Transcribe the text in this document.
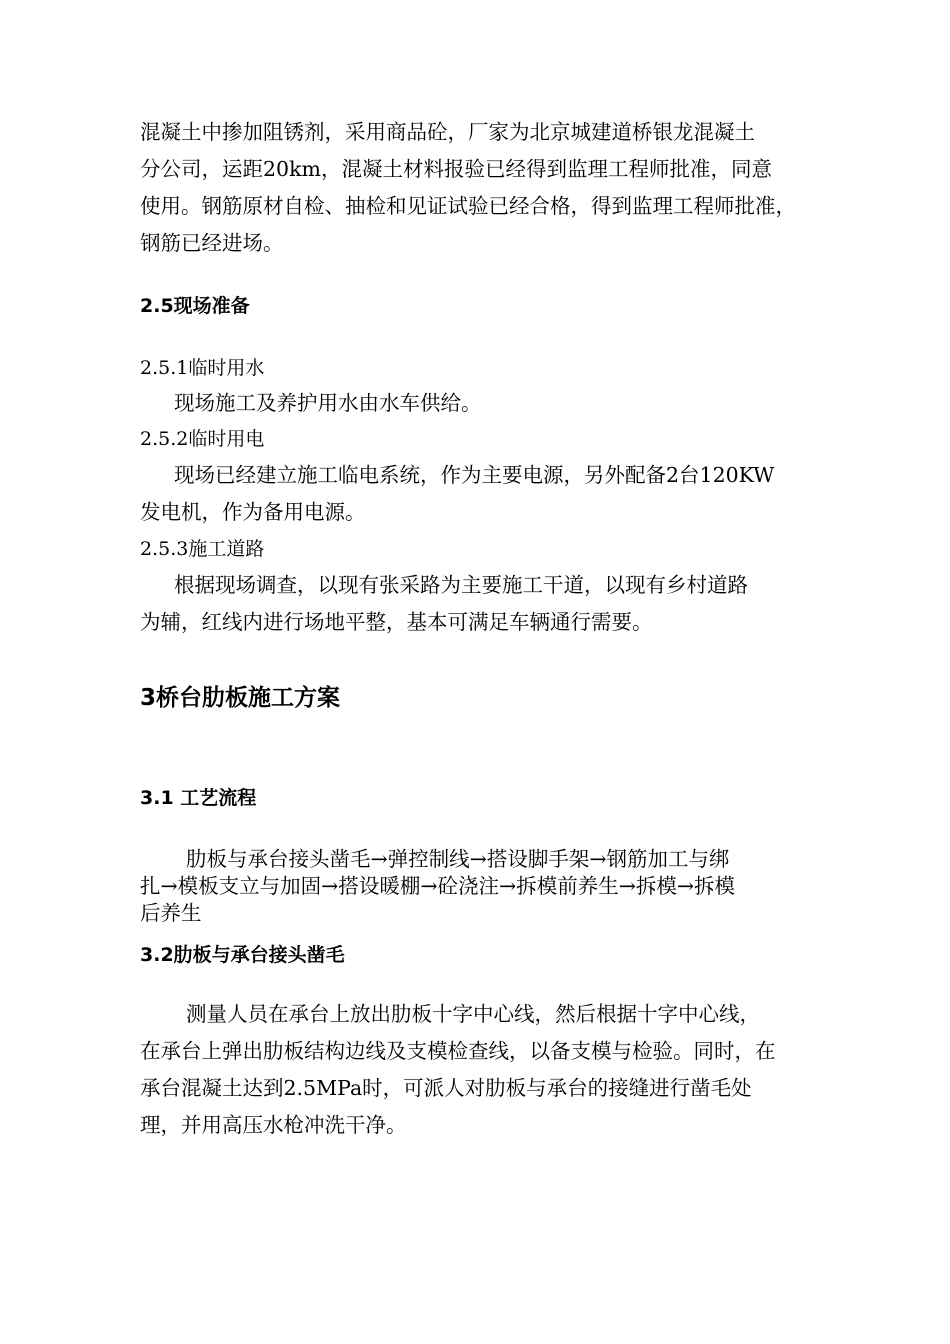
混凝土中掺加阻锈剂，采用商品砼，厂家为北京城建道桥银龙混凝土
分公司，运距20km，混凝土材料报验已经得到监理工程师批准，同意
使用。钢筋原材自检、抽检和见证试验已经合格，得到监理工程师批准，
钢筋已经进场。
2.5现场准备
2.5.1临时用水
现场施工及养护用水由水车供给。
2.5.2临时用电
现场已经建立施工临电系统，作为主要电源，另外配备2台120KW
发电机，作为备用电源。
2.5.3施工道路
根据现场调查，以现有张采路为主要施工干道，以现有乡村道路
为辅，红线内进行场地平整，基本可满足车辆通行需要。
3桥台肋板施工方案
3.1 工艺流程
肋板与承台接头凿毛→弹控制线→搭设脚手架→钢筋加工与绑
扎→模板支立与加固→搭设暖棚→砼浇注→拆模前养生→拆模→拆模
后养生
3.2肋板与承台接头凿毛
测量人员在承台上放出肋板十字中心线，然后根据十字中心线，
在承台上弹出肋板结构边线及支模检查线，以备支模与检验。同时，在
承台混凝土达到2.5MPa时，可派人对肋板与承台的接缝进行凿毛处
理，并用高压水枪冲洗干净。
